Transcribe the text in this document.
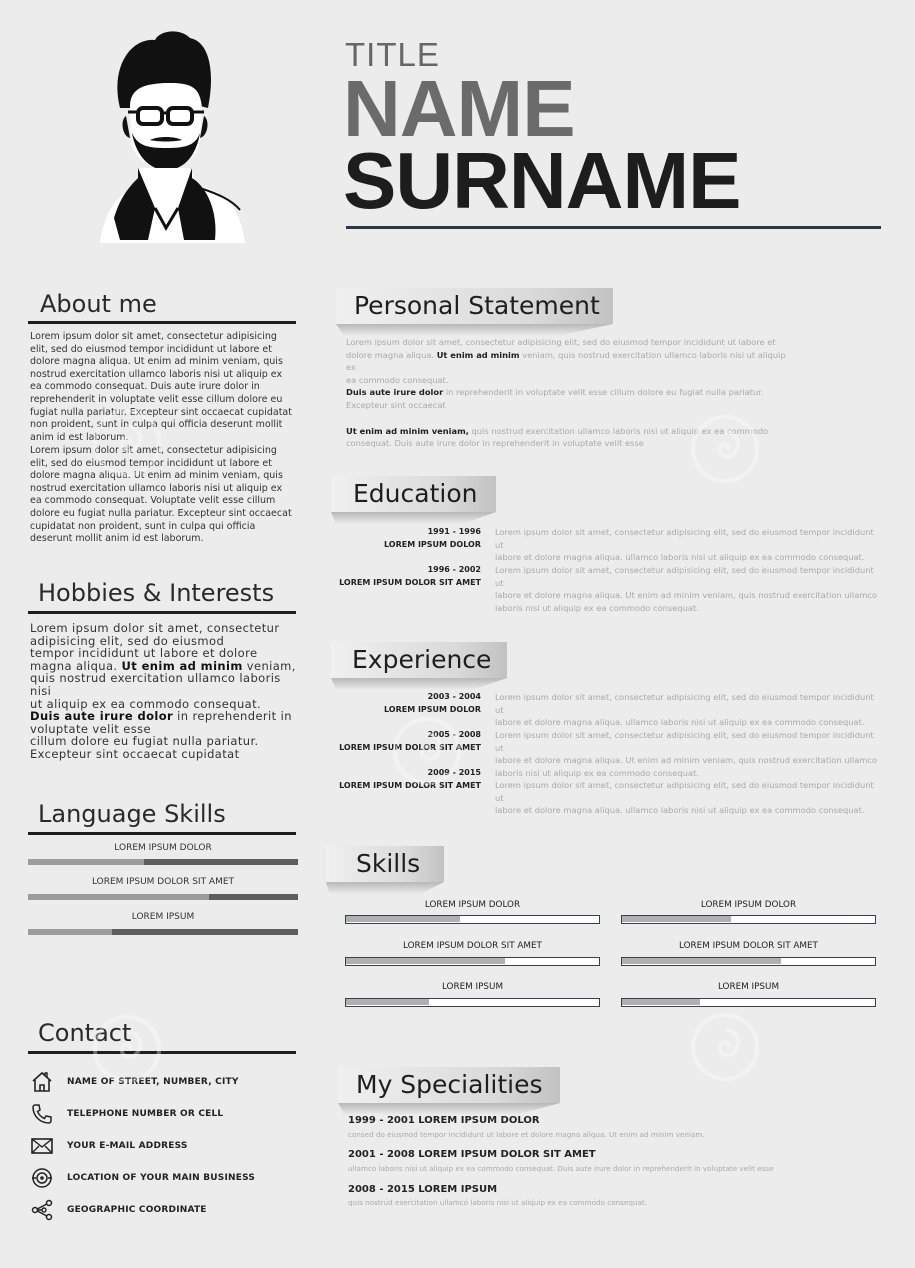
TITLE
NAME
SURNAME
About me
Lorem ipsum dolor sit amet, consectetur adipisicing elit, sed do eiusmod tempor incididunt ut labore et dolore magna aliqua. Ut enim ad minim veniam, quis nostrud exercitation ullamco laboris nisi ut aliquip ex ea commodo consequat. Duis aute irure dolor in reprehenderit in voluptate velit esse cillum dolore eu fugiat nulla pariatur. Excepteur sint occaecat cupidatat non proident, sunt in culpa qui officia deserunt mollit anim id est laborum.
Lorem ipsum dolor sit amet, consectetur adipisicing elit, sed do eiusmod tempor incididunt ut labore et dolore magna aliqua. Ut enim ad minim veniam, quis nostrud exercitation ullamco laboris nisi ut aliquip ex ea commodo consequat. Voluptate velit esse cillum dolore eu fugiat nulla pariatur. Excepteur sint occaecat cupidatat non proident, sunt in culpa qui officia deserunt mollit anim id est laborum.
Hobbies & Interests
Lorem ipsum dolor sit amet, consectetur
adipisicing elit, sed do eiusmod
tempor incididunt ut labore et dolore
magna aliqua. Ut enim ad minim veniam,
quis nostrud exercitation ullamco laboris nisi
ut aliquip ex ea commodo consequat.
Duis aute irure dolor in reprehenderit in
voluptate velit esse
cillum dolore eu fugiat nulla pariatur.
Excepteur sint occaecat cupidatat
Language Skills
LOREM IPSUM DOLOR
LOREM IPSUM DOLOR SIT AMET
LOREM IPSUM
Contact
NAME OF STREET, NUMBER, CITY
TELEPHONE NUMBER OR CELL
YOUR E-MAIL ADDRESS
LOCATION OF YOUR MAIN BUSINESS
GEOGRAPHIC COORDINATE
Personal Statement
Lorem ipsum dolor sit amet, consectetur adipisicing elit, sed do eiusmod tempor incididunt ut labore et
dolore magna aliqua. Ut enim ad minim veniam, quis nostrud exercitation ullamco laboris nisi ut aliquip ex
ea commodo consequat.
Duis aute irure dolor in reprehenderit in voluptate velit esse cillum dolore eu fugiat nulla pariatur.
Excepteur sint occaecat
Ut enim ad minim veniam, quis nostrud exercitation ullamco laboris nisi ut aliquip ex ea commodo
consequat. Duis aute irure dolor in reprehenderit in voluptate velit esse
Education
1991 - 1996
LOREM IPSUM DOLOR
Lorem ipsum dolor sit amet, consectetur adipisicing elit, sed do eiusmod tempor incididunt ut
labore et dolore magna aliqua. ullamco laboris nisi ut aliquip ex ea commodo consequat.
1996 - 2002
LOREM IPSUM DOLOR SIT AMET
Lorem ipsum dolor sit amet, consectetur adipisicing elit, sed do eiusmod tempor incididunt ut
labore et dolore magna aliqua. Ut enim ad minim veniam, quis nostrud exercitation ullamco
laboris nisi ut aliquip ex ea commodo consequat.
Experience
2003 - 2004
LOREM IPSUM DOLOR
Lorem ipsum dolor sit amet, consectetur adipisicing elit, sed do eiusmod tempor incididunt ut
labore et dolore magna aliqua. ullamco laboris nisi ut aliquip ex ea commodo consequat.
2005 - 2008
LOREM IPSUM DOLOR SIT AMET
Lorem ipsum dolor sit amet, consectetur adipisicing elit, sed do eiusmod tempor incididunt ut
labore et dolore magna aliqua. Ut enim ad minim veniam, quis nostrud exercitation ullamco
laboris nisi ut aliquip ex ea commodo consequat.
2009 - 2015
LOREM IPSUM DOLOR SIT AMET Lorem ipsum dolor sit amet, consectetur adipisicing elit, sed do eiusmod tempor incididunt ut
labore et dolore magna aliqua. ullamco laboris nisi ut aliquip ex ea commodo consequat.
Skills
LOREM IPSUM DOLOR	LOREM IPSUM DOLOR
LOREM IPSUM DOLOR SIT AMET	LOREM IPSUM DOLOR SIT AMET
LOREM IPSUM	LOREM IPSUM
My Specialities
1999 - 2001 LOREM IPSUM DOLOR
consed do eiusmod tempor incididunt ut labore et dolore magna aliqua. Ut enim ad minim veniam.
2001 - 2008 LOREM IPSUM DOLOR SIT AMET
ullamco laboris nisi ut aliquip ex ea commodo consequat. Duis aute irure dolor in reprehenderit in voluptate velit esse
2008 - 2015 LOREM IPSUM
quis nostrud exercitation ullamco laboris nisi ut aliquip ex ea commodo consequat.
